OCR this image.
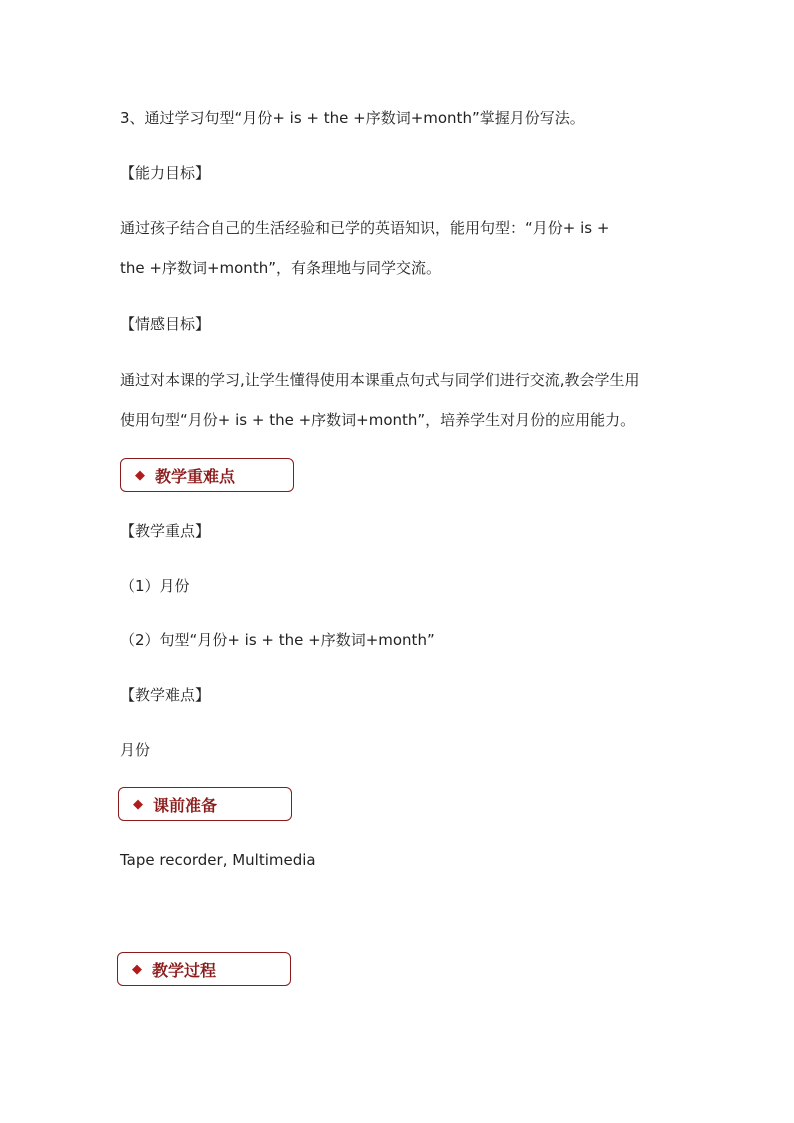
3、通过学习句型“月份+ is + the +序数词+month”掌握月份写法。

【能力目标】

通过孩子结合自己的生活经验和已学的英语知识，能用句型：“月份+ is +

the +序数词+month”，有条理地与同学交流。

【情感目标】

通过对本课的学习,让学生懂得使用本课重点句式与同学们进行交流,教会学生用

使用句型“月份+ is + the +序数词+month”，培养学生对月份的应用能力。

◆ 教学重难点

【教学重点】

（1）月份

（2）句型“月份+ is + the +序数词+month”

【教学难点】

月份

◆ 课前准备

Tape recorder, Multimedia

◆ 教学过程
